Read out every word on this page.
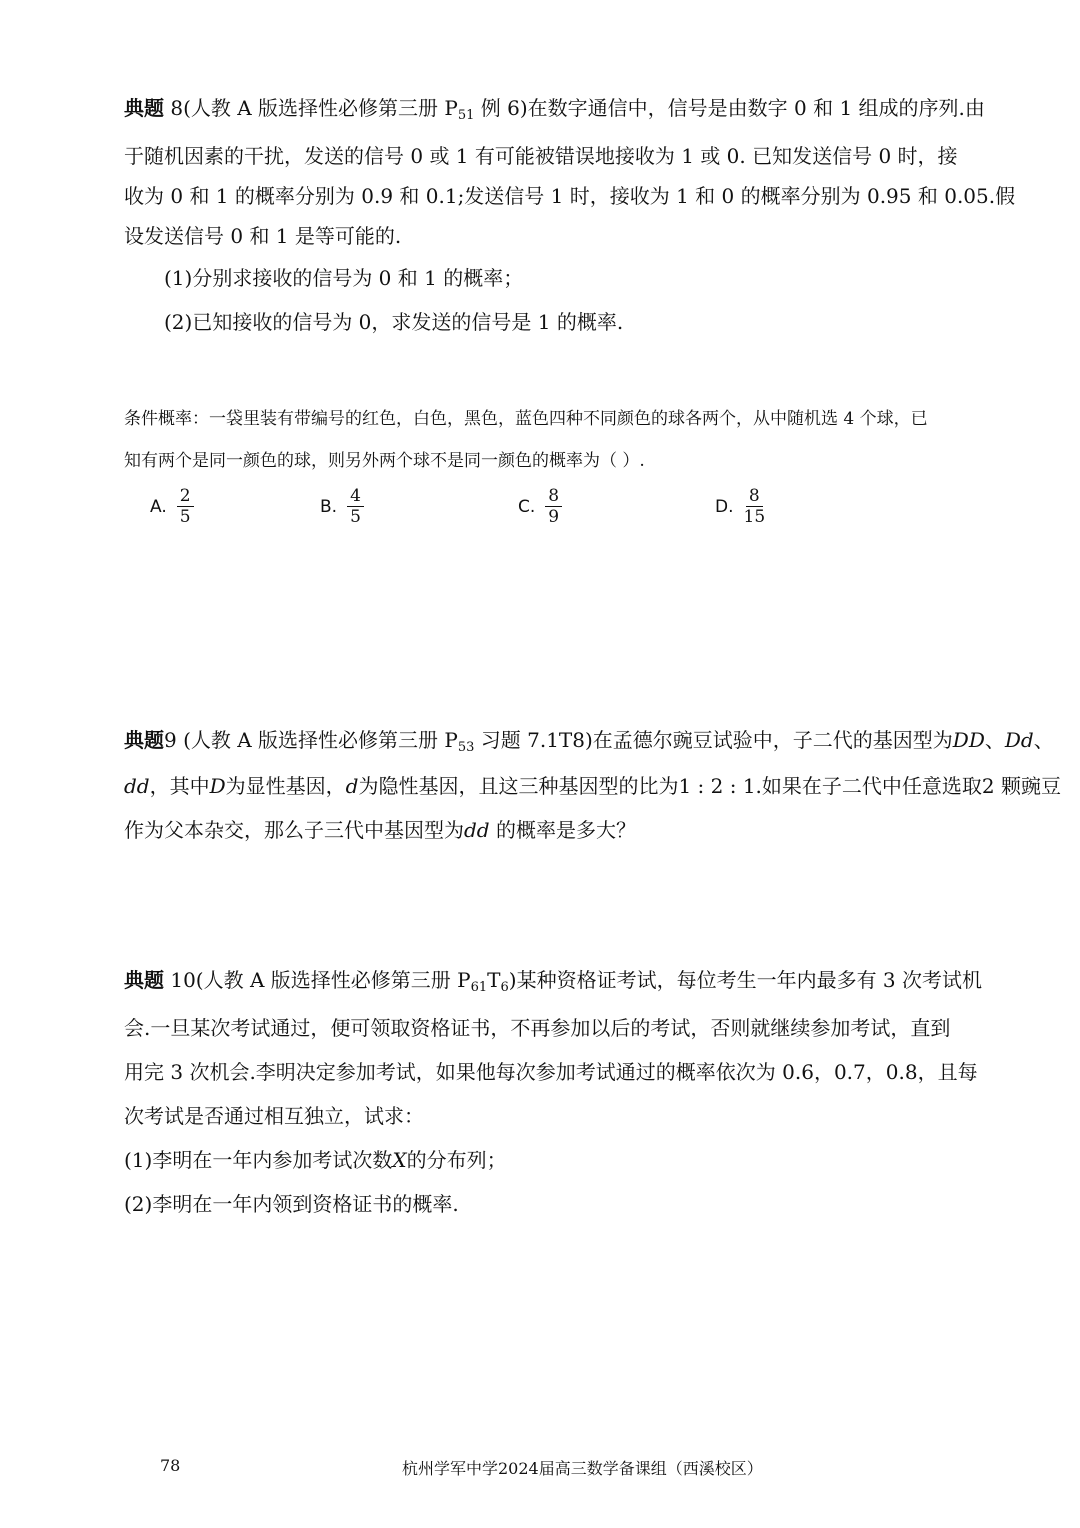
典题 8(人教 A 版选择性必修第三册 $P_{51}$ 例 6)在数字通信中，信号是由数字 0 和 1 组成的序列.由
于随机因素的干扰，发送的信号 0 或 1 有可能被错误地接收为 1 或 0. 已知发送信号 0 时，接
收为 0 和 1 的概率分别为 0.9 和 0.1;发送信号 1 时，接收为 1 和 0 的概率分别为 0.95 和 0.05.假
设发送信号 0 和 1 是等可能的.
(1)分别求接收的信号为 0 和 1 的概率；
(2)已知接收的信号为 0，求发送的信号是 1 的概率.
条件概率：一袋里装有带编号的红色，白色，黑色，蓝色四种不同颜色的球各两个，从中随机选 4 个球，已
知有两个是同一颜色的球，则另外两个球不是同一颜色的概率为（ ）.
A. $\frac{2}{5}$	B. $\frac{4}{5}$	C. $\frac{8}{9}$	D. $\frac{8}{15}$
典题9 (人教 A 版选择性必修第三册 $P_{53}$ 习题 7.1T8)在孟德尔豌豆试验中，子二代的基因型为DD、Dd、
dd，其中D为显性基因，d为隐性基因，且这三种基因型的比为1 : 2 : 1.如果在子二代中任意选取2 颗豌豆
作为父本杂交，那么子三代中基因型为dd 的概率是多大？
典题 10(人教 A 版选择性必修第三册 $P_{61}T_6$)某种资格证考试，每位考生一年内最多有 3 次考试机
会.一旦某次考试通过，便可领取资格证书，不再参加以后的考试，否则就继续参加考试，直到
用完 3 次机会.李明决定参加考试，如果他每次参加考试通过的概率依次为 0.6，0.7，0.8，且每
次考试是否通过相互独立，试求：
(1)李明在一年内参加考试次数X的分布列；
(2)李明在一年内领到资格证书的概率.
78	杭州学军中学2024届高三数学备课组（西溪校区）
